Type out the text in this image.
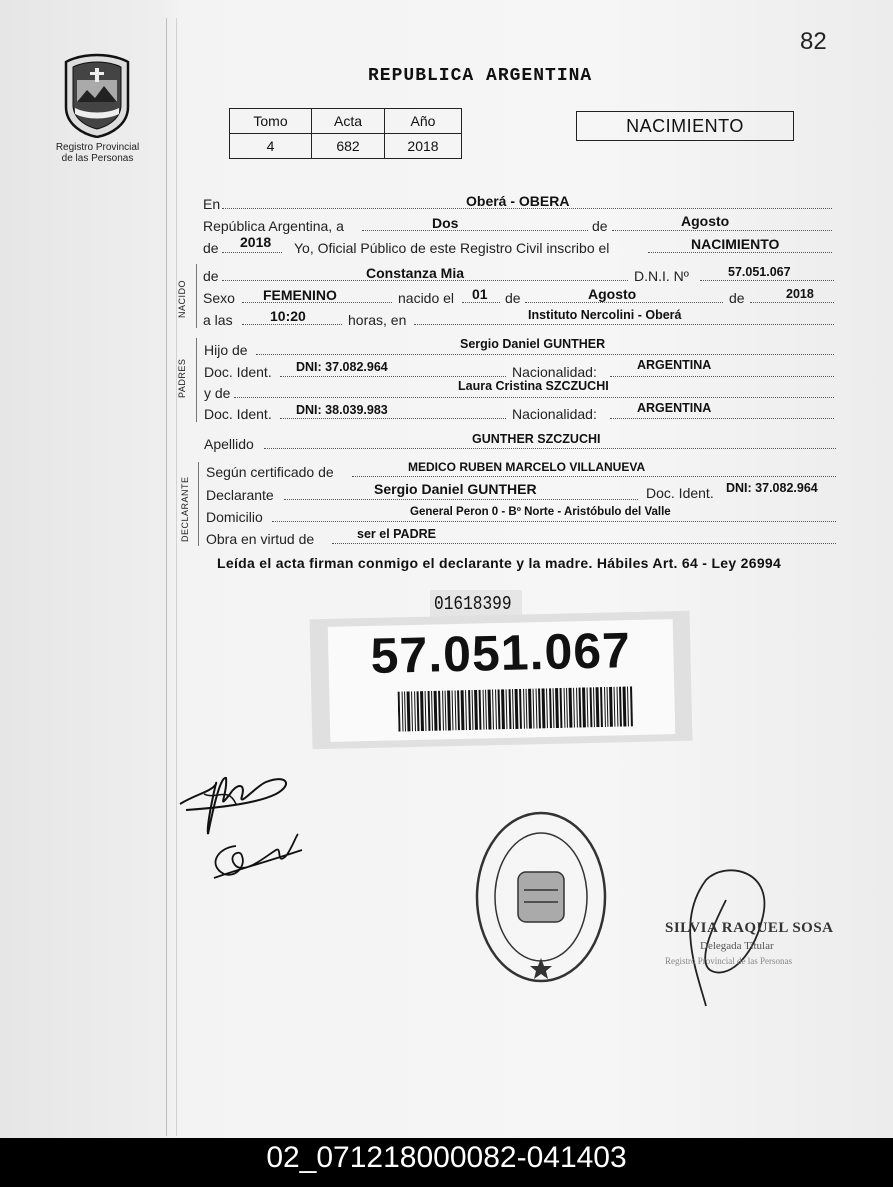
82
Registro Provincial
de las Personas
REPUBLICA ARGENTINA
Tomo	Acta	Año
4	682	2018
NACIMIENTO
En	Oberá - OBERA
República Argentina, a	Dos	de	Agosto
de 2018 Yo, Oficial Público de este Registro Civil inscribo el	NACIMIENTO
NACIDO
de	Constanza Mia	D.N.I. Nº	57.051.067
Sexo FEMENINO	nacido el 01 de	Agosto	de	2018
a las	10:20	horas, en	Instituto Nercolini - Oberá
PADRES
Hijo de	Sergio Daniel GUNTHER
Doc. Ident. DNI: 37.082.964	Nacionalidad:	ARGENTINA
y de	Laura Cristina SZCZUCHI
Doc. Ident. DNI: 38.039.983	Nacionalidad:	ARGENTINA
Apellido	GUNTHER SZCZUCHI
DECLARANTE
Según certificado de	MEDICO RUBEN MARCELO VILLANUEVA
Declarante	Sergio Daniel GUNTHER	Doc. Ident. DNI: 37.082.964
Domicilio	General Peron 0 - Bº Norte - Aristóbulo del Valle
Obra en virtud de	ser el PADRE
Leída el acta firman conmigo el declarante y la madre. Hábiles Art. 64 - Ley 26994
01618399
57.051.067
SILVIA RAQUEL SOSA
Delegada Titular
Registro Provincial de las Personas
02_071218000082-041403
